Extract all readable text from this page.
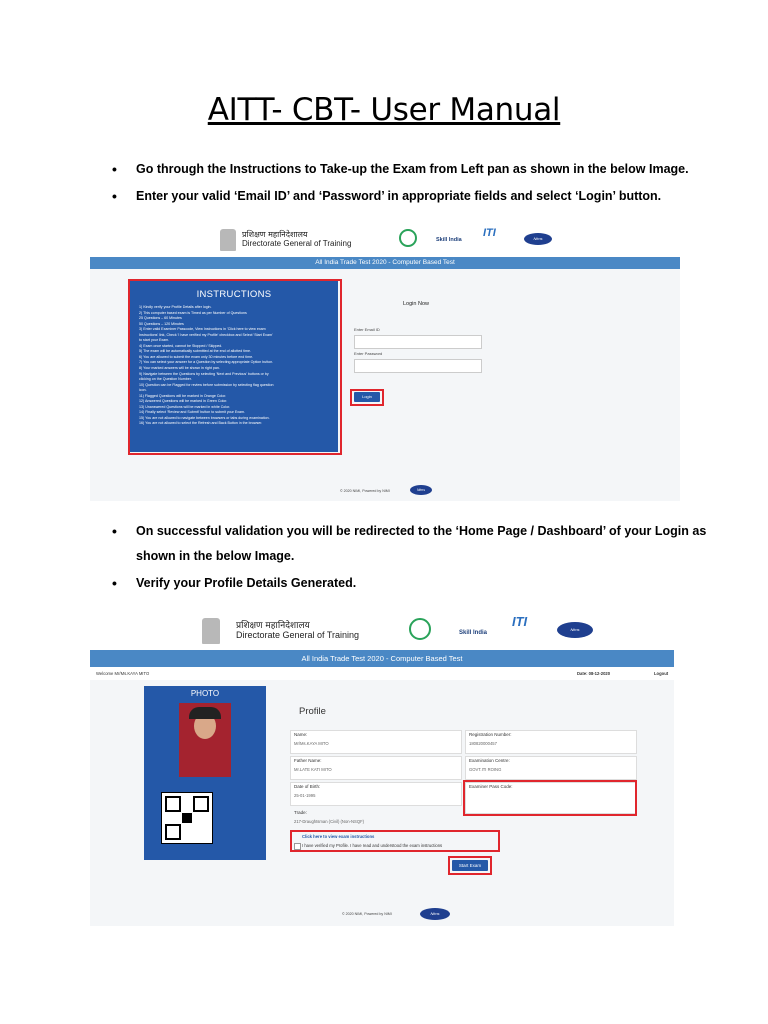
AITT- CBT- User Manual

• Go through the Instructions to Take-up the Exam from Left pan as shown in the below Image.

• Enter your valid ‘Email ID’ and ‘Password’ in appropriate fields and select ‘Login’ button.

प्रशिक्षण महानिदेशालय
Directorate General of Training	Skill India
ITI	Nims
All India Trade Test 2020 - Computer Based Test
INSTRUCTIONS
1) Kindly verify your Profile Details after login.
2) This computer based exam is Timed as per Number of Questions
25 Questions – 60 Minutes
50 Questions – 120 Minutes
3) Enter valid Examiner Passcode, View Instructions in 'Click here to view exam
Instructions' link, Check 'I have verified my Profile' checkbox and Select 'Start Exam'
to start your Exam.
4) Exam once started, cannot be Stopped / Skipped.
5) The exam will be automatically submitted at the end of allotted time.
6) You are allowed to submit the exam only 30 minutes before end time.
7) You can select your answer for a Question by selecting appropriate Option button.
8) Your marked answers will be shown in right pan.
9) Navigate between the Questions by selecting 'Next and Previous' buttons or by
clicking on the Question Number.
10) Question can be Flagged for review before submission by selecting flag question
icon.
11) Flagged Questions will be marked in Orange Color.
12) Answered Questions will be marked in Green Color.
13) Unanswered Questions will be marked in white Color.
14) Finally select 'Review and Submit' button to submit your Exam.
15) You are not allowed to navigate between browsers or tabs during examination.
16) You are not allowed to select the Refresh and Back Button in the browser.
Login Now
Enter Email ID
Enter Password
Login
© 2020 NIMI, Powered by NIMI	Nims

• On successful validation you will be redirected to the ‘Home Page / Dashboard’ of your Login as
shown in the below Image.

• Verify your Profile Details Generated.

प्रशिक्षण महानिदेशालय
Directorate General of Training	Skill India
ITI
Nims
All India Trade Test 2020 - Computer Based Test
Welcome Mr/Ms.KAYA MITO	Date: 08-12-2020	Logout
PHOTO
Profile
Name:
Mr/Ms.KAYA MITO
Registration Number:
180820000457
Father Name:
Mr.LATE KATI MITO
Examination Centre:
GOVT.ITI ROING
Date of Birth:
25-01-1995
Examiner Pass Code:
Trade:
217-Draughtsman (Civil) (Non-NSQF)
Click here to view exam instructions
I have verified my Profile. I have read and understood the exam instructions
Start Exam
© 2020 NIMI, Powered by NIMI	Nims
